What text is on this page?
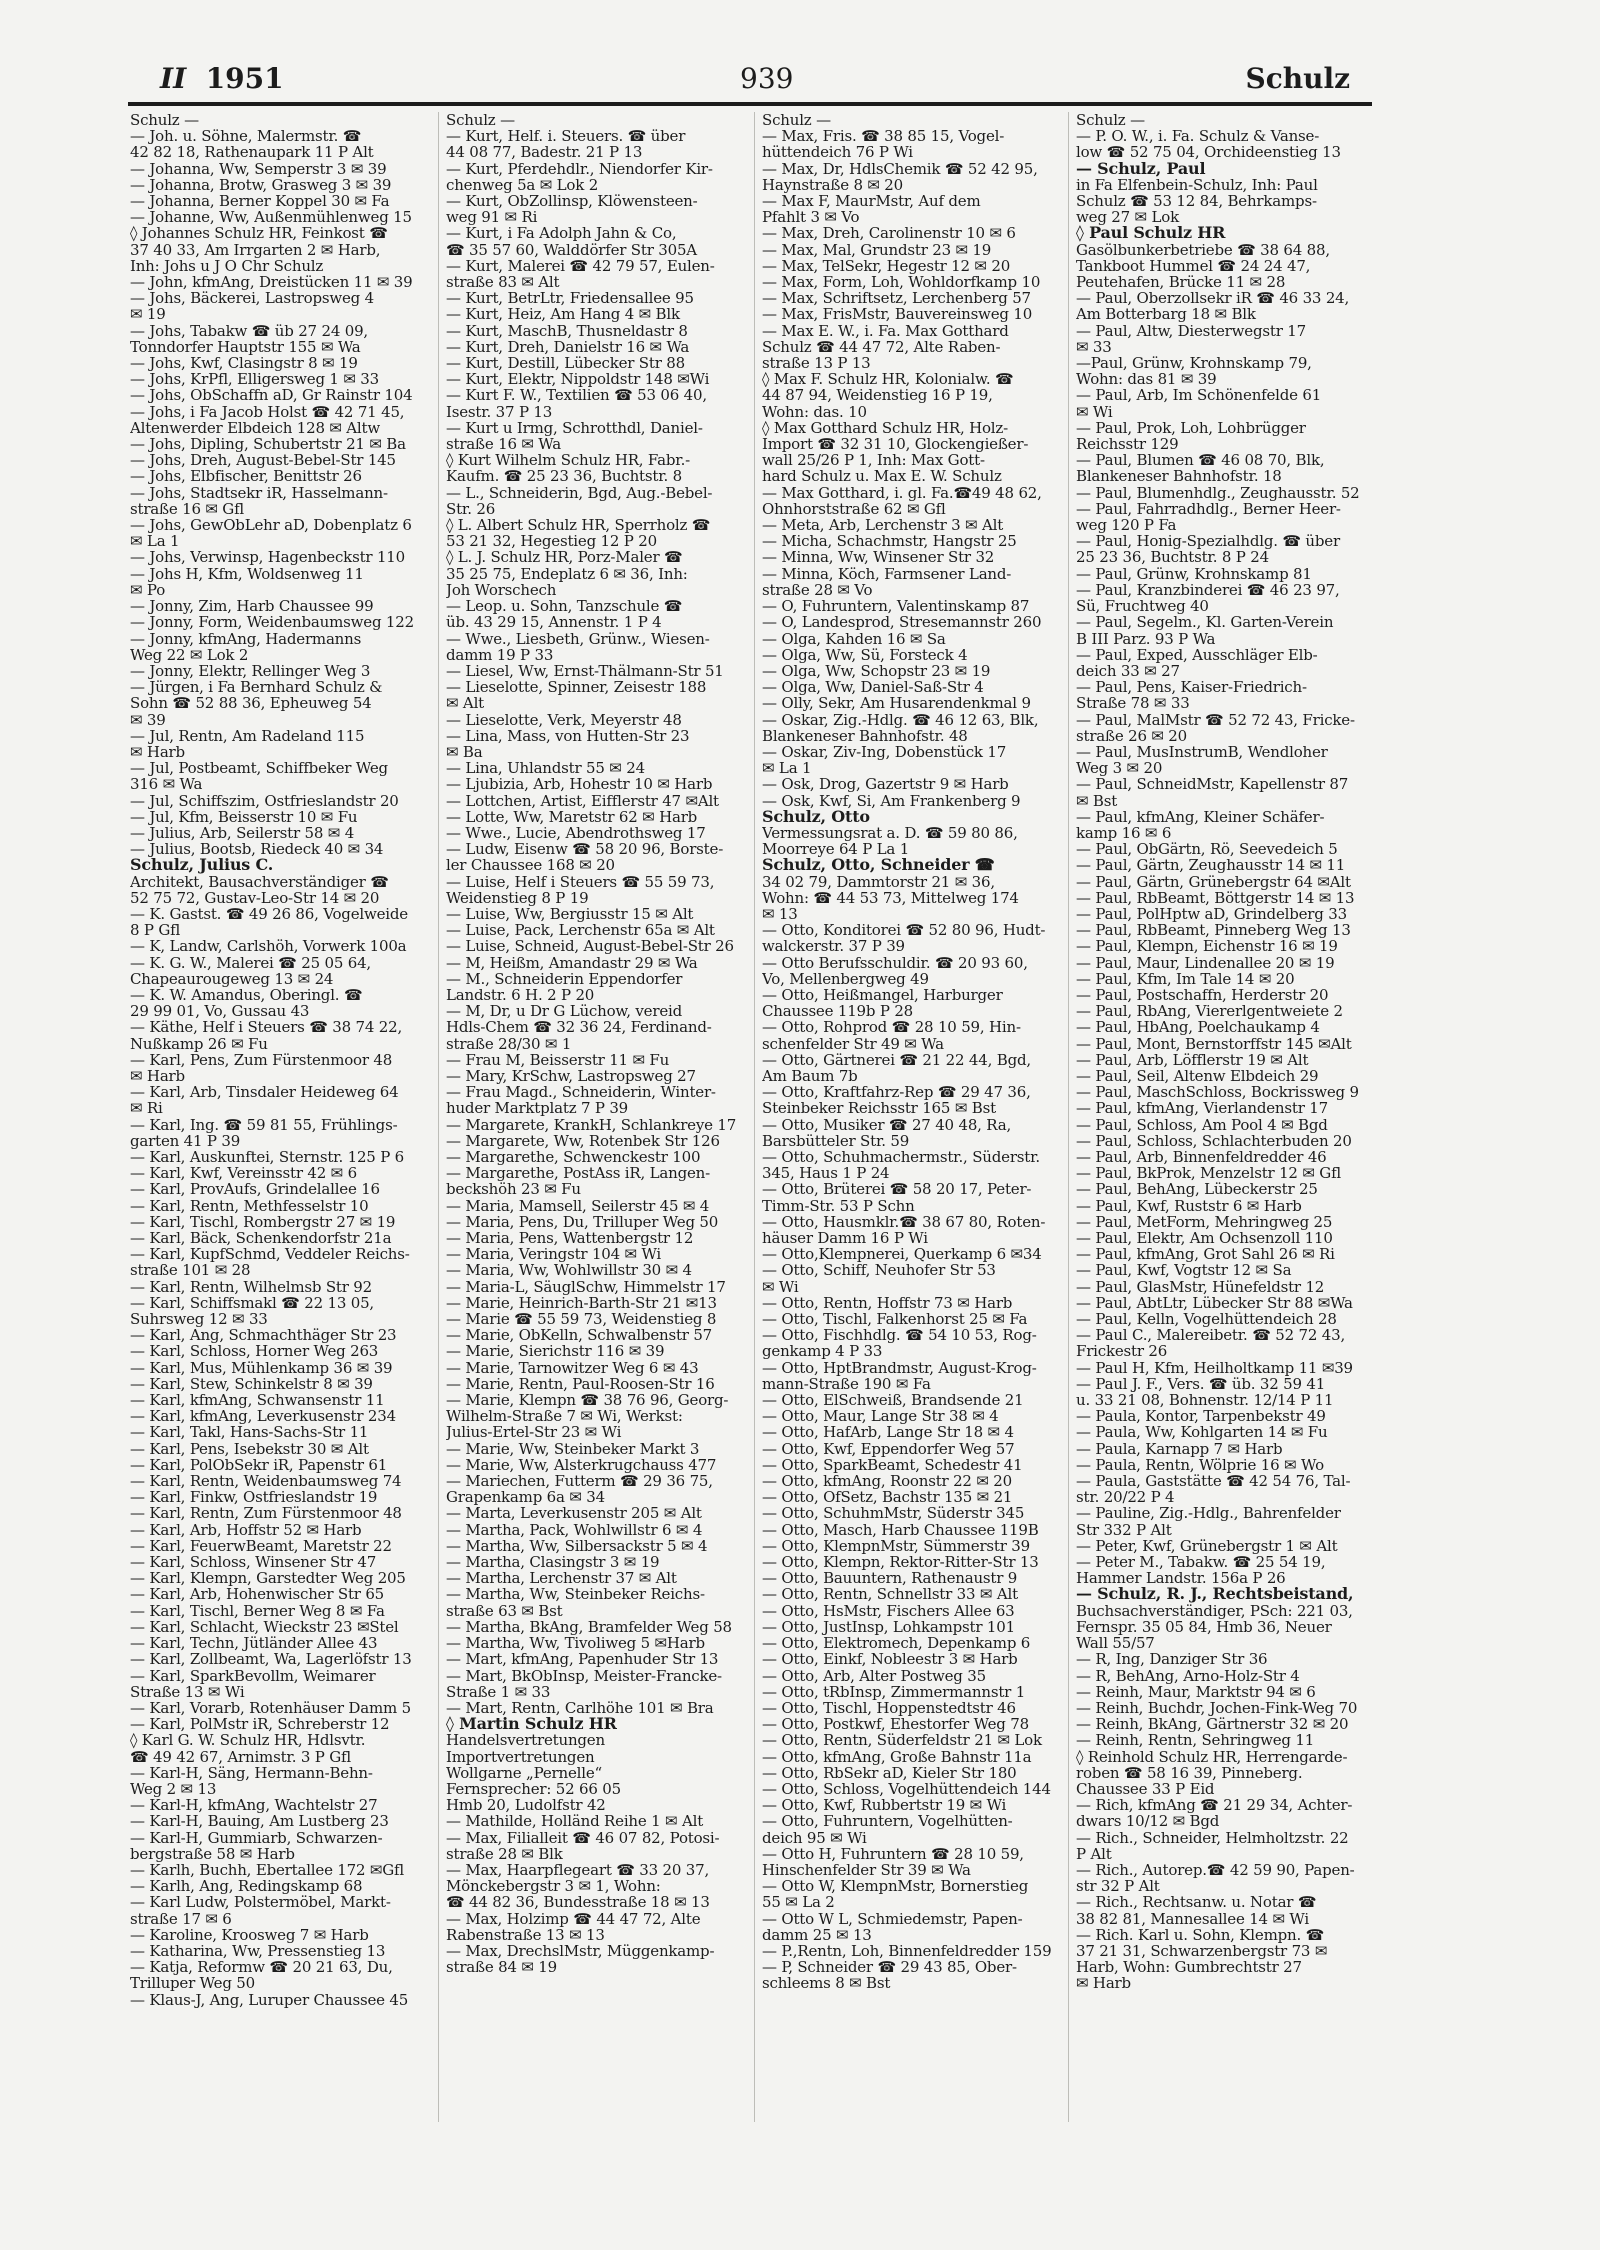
II 1951	939	Schulz
Schulz —
— Joh. u. Söhne, Malermstr. ☎
42 82 18, Rathenaupark 11 P Alt
— Johanna, Ww, Semperstr 3 ✉ 39
— Johanna, Brotw, Grasweg 3 ✉ 39
— Johanna, Berner Koppel 30 ✉ Fa
— Johanne, Ww, Außenmühlenweg 15
◊ Johannes Schulz HR, Feinkost ☎
37 40 33, Am Irrgarten 2 ✉ Harb,
Inh: Johs u J O Chr Schulz
— John, kfmAng, Dreistücken 11 ✉ 39
— Johs, Bäckerei, Lastropsweg 4
✉ 19
— Johs, Tabakw ☎ üb 27 24 09,
Tonndorfer Hauptstr 155 ✉ Wa
— Johs, Kwf, Clasingstr 8 ✉ 19
— Johs, KrPfl, Elligersweg 1 ✉ 33
— Johs, ObSchaffn aD, Gr Rainstr 104
— Johs, i Fa Jacob Holst ☎ 42 71 45,
Altenwerder Elbdeich 128 ✉ Altw
— Johs, Dipling, Schubertstr 21 ✉ Ba
— Johs, Dreh, August-Bebel-Str 145
— Johs, Elbfischer, Benittstr 26
— Johs, Stadtsekr iR, Hasselmann-
straße 16 ✉ Gfl
— Johs, GewObLehr aD, Dobenplatz 6
✉ La 1
— Johs, Verwinsp, Hagenbeckstr 110
— Johs H, Kfm, Woldsenweg 11
✉ Po
— Jonny, Zim, Harb Chaussee 99
— Jonny, Form, Weidenbaumsweg 122
— Jonny, kfmAng, Hadermanns
Weg 22 ✉ Lok 2
— Jonny, Elektr, Rellinger Weg 3
— Jürgen, i Fa Bernhard Schulz &
Sohn ☎ 52 88 36, Epheuweg 54
✉ 39
— Jul, Rentn, Am Radeland 115
✉ Harb
— Jul, Postbeamt, Schiffbeker Weg
316 ✉ Wa
— Jul, Schiffszim, Ostfrieslandstr 20
— Jul, Kfm, Beisserstr 10 ✉ Fu
— Julius, Arb, Seilerstr 58 ✉ 4
— Julius, Bootsb, Riedeck 40 ✉ 34
Schulz, Julius C.
Architekt, Bausachverständiger ☎
52 75 72, Gustav-Leo-Str 14 ✉ 20
— K. Gastst. ☎ 49 26 86, Vogelweide
8 P Gfl
— K, Landw, Carlshöh, Vorwerk 100a
— K. G. W., Malerei ☎ 25 05 64,
Chapeaurougeweg 13 ✉ 24
— K. W. Amandus, Oberingl. ☎
29 99 01, Vo, Gussau 43
— Käthe, Helf i Steuers ☎ 38 74 22,
Nußkamp 26 ✉ Fu
— Karl, Pens, Zum Fürstenmoor 48
✉ Harb
— Karl, Arb, Tinsdaler Heideweg 64
✉ Ri
— Karl, Ing. ☎ 59 81 55, Frühlings-
garten 41 P 39
— Karl, Auskunftei, Sternstr. 125 P 6
— Karl, Kwf, Vereinsstr 42 ✉ 6
— Karl, ProvAufs, Grindelallee 16
— Karl, Rentn, Methfesselstr 10
— Karl, Tischl, Rombergstr 27 ✉ 19
— Karl, Bäck, Schenkendorfstr 21a
— Karl, KupfSchmd, Veddeler Reichs-
straße 101 ✉ 28
— Karl, Rentn, Wilhelmsb Str 92
— Karl, Schiffsmakl ☎ 22 13 05,
Suhrsweg 12 ✉ 33
— Karl, Ang, Schmachthäger Str 23
— Karl, Schloss, Horner Weg 263
— Karl, Mus, Mühlenkamp 36 ✉ 39
— Karl, Stew, Schinkelstr 8 ✉ 39
— Karl, kfmAng, Schwansenstr 11
— Karl, kfmAng, Leverkusenstr 234
— Karl, Takl, Hans-Sachs-Str 11
— Karl, Pens, Isebekstr 30 ✉ Alt
— Karl, PolObSekr iR, Papenstr 61
— Karl, Rentn, Weidenbaumsweg 74
— Karl, Finkw, Ostfrieslandstr 19
— Karl, Rentn, Zum Fürstenmoor 48
— Karl, Arb, Hoffstr 52 ✉ Harb
— Karl, FeuerwBeamt, Maretstr 22
— Karl, Schloss, Winsener Str 47
— Karl, Klempn, Garstedter Weg 205
— Karl, Arb, Hohenwischer Str 65
— Karl, Tischl, Berner Weg 8 ✉ Fa
— Karl, Schlacht, Wieckstr 23 ✉Stel
— Karl, Techn, Jütländer Allee 43
— Karl, Zollbeamt, Wa, Lagerlöfstr 13
— Karl, SparkBevollm, Weimarer
Straße 13 ✉ Wi
— Karl, Vorarb, Rotenhäuser Damm 5
— Karl, PolMstr iR, Schreberstr 12
◊ Karl G. W. Schulz HR, Hdlsvtr.
☎ 49 42 67, Arnimstr. 3 P Gfl
— Karl-H, Säng, Hermann-Behn-
Weg 2 ✉ 13
— Karl-H, kfmAng, Wachtelstr 27
— Karl-H, Bauing, Am Lustberg 23
— Karl-H, Gummiarb, Schwarzen-
bergstraße 58 ✉ Harb
— Karlh, Buchh, Ebertallee 172 ✉Gfl
— Karlh, Ang, Redingskamp 68
— Karl Ludw, Polstermöbel, Markt-
straße 17 ✉ 6
— Karoline, Kroosweg 7 ✉ Harb
— Katharina, Ww, Pressenstieg 13
— Katja, Reformw ☎ 20 21 63, Du,
Trilluper Weg 50
— Klaus-J, Ang, Luruper Chaussee 45
Schulz —
— Kurt, Helf. i. Steuers. ☎ über
44 08 77, Badestr. 21 P 13
— Kurt, Pferdehdlr., Niendorfer Kir-
chenweg 5a ✉ Lok 2
— Kurt, ObZollinsp, Klöwensteen-
weg 91 ✉ Ri
— Kurt, i Fa Adolph Jahn & Co,
☎ 35 57 60, Walddörfer Str 305A
— Kurt, Malerei ☎ 42 79 57, Eulen-
straße 83 ✉ Alt
— Kurt, BetrLtr, Friedensallee 95
— Kurt, Heiz, Am Hang 4 ✉ Blk
— Kurt, MaschB, Thusneldastr 8
— Kurt, Dreh, Danielstr 16 ✉ Wa
— Kurt, Destill, Lübecker Str 88
— Kurt, Elektr, Nippoldstr 148 ✉Wi
— Kurt F. W., Textilien ☎ 53 06 40,
Isestr. 37 P 13
— Kurt u Irmg, Schrotthdl, Daniel-
straße 16 ✉ Wa
◊ Kurt Wilhelm Schulz HR, Fabr.-
Kaufm. ☎ 25 23 36, Buchtstr. 8
— L., Schneiderin, Bgd, Aug.-Bebel-
Str. 26
◊ L. Albert Schulz HR, Sperrholz ☎
53 21 32, Hegestieg 12 P 20
◊ L. J. Schulz HR, Porz-Maler ☎
35 25 75, Endeplatz 6 ✉ 36, Inh:
Joh Worschech
— Leop. u. Sohn, Tanzschule ☎
üb. 43 29 15, Annenstr. 1 P 4
— Wwe., Liesbeth, Grünw., Wiesen-
damm 19 P 33
— Liesel, Ww, Ernst-Thälmann-Str 51
— Lieselotte, Spinner, Zeisestr 188
✉ Alt
— Lieselotte, Verk, Meyerstr 48
— Lina, Mass, von Hutten-Str 23
✉ Ba
— Lina, Uhlandstr 55 ✉ 24
— Ljubizia, Arb, Hohestr 10 ✉ Harb
— Lottchen, Artist, Eifflerstr 47 ✉Alt
— Lotte, Ww, Maretstr 62 ✉ Harb
— Wwe., Lucie, Abendrothsweg 17
— Ludw, Eisenw ☎ 58 20 96, Borste-
ler Chaussee 168 ✉ 20
— Luise, Helf i Steuers ☎ 55 59 73,
Weidenstieg 8 P 19
— Luise, Ww, Bergiusstr 15 ✉ Alt
— Luise, Pack, Lerchenstr 65a ✉ Alt
— Luise, Schneid, August-Bebel-Str 26
— M, Heißm, Amandastr 29 ✉ Wa
— M., Schneiderin Eppendorfer
Landstr. 6 H. 2 P 20
— M, Dr, u Dr G Lüchow, vereid
Hdls-Chem ☎ 32 36 24, Ferdinand-
straße 28/30 ✉ 1
— Frau M, Beisserstr 11 ✉ Fu
— Mary, KrSchw, Lastropsweg 27
— Frau Magd., Schneiderin, Winter-
huder Marktplatz 7 P 39
— Margarete, KrankH, Schlankreye 17
— Margarete, Ww, Rotenbek Str 126
— Margarethe, Schwenckestr 100
— Margarethe, PostAss iR, Langen-
beckshöh 23 ✉ Fu
— Maria, Mamsell, Seilerstr 45 ✉ 4
— Maria, Pens, Du, Trilluper Weg 50
— Maria, Pens, Wattenbergstr 12
— Maria, Veringstr 104 ✉ Wi
— Maria, Ww, Wohlwillstr 30 ✉ 4
— Maria-L, SäuglSchw, Himmelstr 17
— Marie, Heinrich-Barth-Str 21 ✉13
— Marie ☎ 55 59 73, Weidenstieg 8
— Marie, ObKelln, Schwalbenstr 57
— Marie, Sierichstr 116 ✉ 39
— Marie, Tarnowitzer Weg 6 ✉ 43
— Marie, Rentn, Paul-Roosen-Str 16
— Marie, Klempn ☎ 38 76 96, Georg-
Wilhelm-Straße 7 ✉ Wi, Werkst:
Julius-Ertel-Str 23 ✉ Wi
— Marie, Ww, Steinbeker Markt 3
— Marie, Ww, Alsterkrugchauss 477
— Mariechen, Futterm ☎ 29 36 75,
Grapenkamp 6a ✉ 34
— Marta, Leverkusenstr 205 ✉ Alt
— Martha, Pack, Wohlwillstr 6 ✉ 4
— Martha, Ww, Silbersackstr 5 ✉ 4
— Martha, Clasingstr 3 ✉ 19
— Martha, Lerchenstr 37 ✉ Alt
— Martha, Ww, Steinbeker Reichs-
straße 63 ✉ Bst
— Martha, BkAng, Bramfelder Weg 58
— Martha, Ww, Tivoliweg 5 ✉Harb
— Mart, kfmAng, Papenhuder Str 13
— Mart, BkObInsp, Meister-Francke-
Straße 1 ✉ 33
— Mart, Rentn, Carlhöhe 101 ✉ Bra
◊ Martin Schulz HR
Handelsvertretungen
Importvertretungen
Wollgarne „Pernelle“
Fernsprecher: 52 66 05
Hmb 20, Ludolfstr 42
— Mathilde, Holländ Reihe 1 ✉ Alt
— Max, Filialleit ☎ 46 07 82, Potosi-
straße 28 ✉ Blk
— Max, Haarpflegeart ☎ 33 20 37,
Mönckebergstr 3 ✉ 1, Wohn:
☎ 44 82 36, Bundesstraße 18 ✉ 13
— Max, Holzimp ☎ 44 47 72, Alte
Rabenstraße 13 ✉ 13
— Max, DrechslMstr, Müggenkamp-
straße 84 ✉ 19
Schulz —
— Max, Fris. ☎ 38 85 15, Vogel-
hüttendeich 76 P Wi
— Max, Dr, HdlsChemik ☎ 52 42 95,
Haynstraße 8 ✉ 20
— Max F, MaurMstr, Auf dem
Pfahlt 3 ✉ Vo
— Max, Dreh, Carolinenstr 10 ✉ 6
— Max, Mal, Grundstr 23 ✉ 19
— Max, TelSekr, Hegestr 12 ✉ 20
— Max, Form, Loh, Wohldorfkamp 10
— Max, Schriftsetz, Lerchenberg 57
— Max, FrisMstr, Bauvereinsweg 10
— Max E. W., i. Fa. Max Gotthard
Schulz ☎ 44 47 72, Alte Raben-
straße 13 P 13
◊ Max F. Schulz HR, Kolonialw. ☎
44 87 94, Weidenstieg 16 P 19,
Wohn: das. 10
◊ Max Gotthard Schulz HR, Holz-
Import ☎ 32 31 10, Glockengießer-
wall 25/26 P 1, Inh: Max Gott-
hard Schulz u. Max E. W. Schulz
— Max Gotthard, i. gl. Fa.☎49 48 62,
Ohnhorststraße 62 ✉ Gfl
— Meta, Arb, Lerchenstr 3 ✉ Alt
— Micha, Schachmstr, Hangstr 25
— Minna, Ww, Winsener Str 32
— Minna, Köch, Farmsener Land-
straße 28 ✉ Vo
— O, Fuhruntern, Valentinskamp 87
— O, Landesprod, Stresemannstr 260
— Olga, Kahden 16 ✉ Sa
— Olga, Ww, Sü, Forsteck 4
— Olga, Ww, Schopstr 23 ✉ 19
— Olga, Ww, Daniel-Saß-Str 4
— Olly, Sekr, Am Husarendenkmal 9
— Oskar, Zig.-Hdlg. ☎ 46 12 63, Blk,
Blankeneser Bahnhofstr. 48
— Oskar, Ziv-Ing, Dobenstück 17
✉ La 1
— Osk, Drog, Gazertstr 9 ✉ Harb
— Osk, Kwf, Si, Am Frankenberg 9
Schulz, Otto
Vermessungsrat a. D. ☎ 59 80 86,
Moorreye 64 P La 1
Schulz, Otto, Schneider ☎
34 02 79, Dammtorstr 21 ✉ 36,
Wohn: ☎ 44 53 73, Mittelweg 174
✉ 13
— Otto, Konditorei ☎ 52 80 96, Hudt-
walckerstr. 37 P 39
— Otto Berufsschuldir. ☎ 20 93 60,
Vo, Mellenbergweg 49
— Otto, Heißmangel, Harburger
Chaussee 119b P 28
— Otto, Rohprod ☎ 28 10 59, Hin-
schenfelder Str 49 ✉ Wa
— Otto, Gärtnerei ☎ 21 22 44, Bgd,
Am Baum 7b
— Otto, Kraftfahrz-Rep ☎ 29 47 36,
Steinbeker Reichsstr 165 ✉ Bst
— Otto, Musiker ☎ 27 40 48, Ra,
Barsbütteler Str. 59
— Otto, Schuhmachermstr., Süderstr.
345, Haus 1 P 24
— Otto, Brüterei ☎ 58 20 17, Peter-
Timm-Str. 53 P Schn
— Otto, Hausmklr.☎ 38 67 80, Roten-
häuser Damm 16 P Wi
— Otto,Klempnerei, Querkamp 6 ✉34
— Otto, Schiff, Neuhofer Str 53
✉ Wi
— Otto, Rentn, Hoffstr 73 ✉ Harb
— Otto, Tischl, Falkenhorst 25 ✉ Fa
— Otto, Fischhdlg. ☎ 54 10 53, Rog-
genkamp 4 P 33
— Otto, HptBrandmstr, August-Krog-
mann-Straße 190 ✉ Fa
— Otto, ElSchweiß, Brandsende 21
— Otto, Maur, Lange Str 38 ✉ 4
— Otto, HafArb, Lange Str 18 ✉ 4
— Otto, Kwf, Eppendorfer Weg 57
— Otto, SparkBeamt, Schedestr 41
— Otto, kfmAng, Roonstr 22 ✉ 20
— Otto, OfSetz, Bachstr 135 ✉ 21
— Otto, SchuhmMstr, Süderstr 345
— Otto, Masch, Harb Chaussee 119B
— Otto, KlempnMstr, Sümmerstr 39
— Otto, Klempn, Rektor-Ritter-Str 13
— Otto, Bauuntern, Rathenaustr 9
— Otto, Rentn, Schnellstr 33 ✉ Alt
— Otto, HsMstr, Fischers Allee 63
— Otto, JustInsp, Lohkampstr 101
— Otto, Elektromech, Depenkamp 6
— Otto, Einkf, Nobleestr 3 ✉ Harb
— Otto, Arb, Alter Postweg 35
— Otto, tRbInsp, Zimmermannstr 1
— Otto, Tischl, Hoppenstedtstr 46
— Otto, Postkwf, Ehestorfer Weg 78
— Otto, Rentn, Süderfeldstr 21 ✉ Lok
— Otto, kfmAng, Große Bahnstr 11a
— Otto, RbSekr aD, Kieler Str 180
— Otto, Schloss, Vogelhüttendeich 144
— Otto, Kwf, Rubbertstr 19 ✉ Wi
— Otto, Fuhruntern, Vogelhütten-
deich 95 ✉ Wi
— Otto H, Fuhruntern ☎ 28 10 59,
Hinschenfelder Str 39 ✉ Wa
— Otto W, KlempnMstr, Bornerstieg
55 ✉ La 2
— Otto W L, Schmiedemstr, Papen-
damm 25 ✉ 13
— P.,Rentn, Loh, Binnenfeldredder 159
— P, Schneider ☎ 29 43 85, Ober-
schleems 8 ✉ Bst
Schulz —
— P. O. W., i. Fa. Schulz & Vanse-
low ☎ 52 75 04, Orchideenstieg 13
— Schulz, Paul
in Fa Elfenbein-Schulz, Inh: Paul
Schulz ☎ 53 12 84, Behrkamps-
weg 27 ✉ Lok
◊ Paul Schulz HR
Gasölbunkerbetriebe ☎ 38 64 88,
Tankboot Hummel ☎ 24 24 47,
Peutehafen, Brücke 11 ✉ 28
— Paul, Oberzollsekr iR ☎ 46 33 24,
Am Botterbarg 18 ✉ Blk
— Paul, Altw, Diesterwegstr 17
✉ 33
—Paul, Grünw, Krohnskamp 79,
Wohn: das 81 ✉ 39
— Paul, Arb, Im Schönenfelde 61
✉ Wi
— Paul, Prok, Loh, Lohbrügger
Reichsstr 129
— Paul, Blumen ☎ 46 08 70, Blk,
Blankeneser Bahnhofstr. 18
— Paul, Blumenhdlg., Zeughausstr. 52
— Paul, Fahrradhdlg., Berner Heer-
weg 120 P Fa
— Paul, Honig-Spezialhdlg. ☎ über
25 23 36, Buchtstr. 8 P 24
— Paul, Grünw, Krohnskamp 81
— Paul, Kranzbinderei ☎ 46 23 97,
Sü, Fruchtweg 40
— Paul, Segelm., Kl. Garten-Verein
B III Parz. 93 P Wa
— Paul, Exped, Ausschläger Elb-
deich 33 ✉ 27
— Paul, Pens, Kaiser-Friedrich-
Straße 78 ✉ 33
— Paul, MalMstr ☎ 52 72 43, Fricke-
straße 26 ✉ 20
— Paul, MusInstrumB, Wendloher
Weg 3 ✉ 20
— Paul, SchneidMstr, Kapellenstr 87
✉ Bst
— Paul, kfmAng, Kleiner Schäfer-
kamp 16 ✉ 6
— Paul, ObGärtn, Rö, Seevedeich 5
— Paul, Gärtn, Zeughausstr 14 ✉ 11
— Paul, Gärtn, Grünebergstr 64 ✉Alt
— Paul, RbBeamt, Böttgerstr 14 ✉ 13
— Paul, PolHptw aD, Grindelberg 33
— Paul, RbBeamt, Pinneberg Weg 13
— Paul, Klempn, Eichenstr 16 ✉ 19
— Paul, Maur, Lindenallee 20 ✉ 19
— Paul, Kfm, Im Tale 14 ✉ 20
— Paul, Postschaffn, Herderstr 20
— Paul, RbAng, Viererlgentweiete 2
— Paul, HbAng, Poelchaukamp 4
— Paul, Mont, Bernstorffstr 145 ✉Alt
— Paul, Arb, Löfflerstr 19 ✉ Alt
— Paul, Seil, Altenw Elbdeich 29
— Paul, MaschSchloss, Bockrissweg 9
— Paul, kfmAng, Vierlandenstr 17
— Paul, Schloss, Am Pool 4 ✉ Bgd
— Paul, Schloss, Schlachterbuden 20
— Paul, Arb, Binnenfeldredder 46
— Paul, BkProk, Menzelstr 12 ✉ Gfl
— Paul, BehAng, Lübeckerstr 25
— Paul, Kwf, Ruststr 6 ✉ Harb
— Paul, MetForm, Mehringweg 25
— Paul, Elektr, Am Ochsenzoll 110
— Paul, kfmAng, Grot Sahl 26 ✉ Ri
— Paul, Kwf, Vogtstr 12 ✉ Sa
— Paul, GlasMstr, Hünefeldstr 12
— Paul, AbtLtr, Lübecker Str 88 ✉Wa
— Paul, Kelln, Vogelhüttendeich 28
— Paul C., Malereibetr. ☎ 52 72 43,
Frickestr 26
— Paul H, Kfm, Heilholtkamp 11 ✉39
— Paul J. F., Vers. ☎ üb. 32 59 41
u. 33 21 08, Bohnenstr. 12/14 P 11
— Paula, Kontor, Tarpenbekstr 49
— Paula, Ww, Kohlgarten 14 ✉ Fu
— Paula, Karnapp 7 ✉ Harb
— Paula, Rentn, Wölprie 16 ✉ Wo
— Paula, Gaststätte ☎ 42 54 76, Tal-
str. 20/22 P 4
— Pauline, Zig.-Hdlg., Bahrenfelder
Str 332 P Alt
— Peter, Kwf, Grünebergstr 1 ✉ Alt
— Peter M., Tabakw. ☎ 25 54 19,
Hammer Landstr. 156a P 26
— Schulz, R. J., Rechtsbeistand,
Buchsachverständiger, PSch: 221 03,
Fernspr. 35 05 84, Hmb 36, Neuer
Wall 55/57
— R, Ing, Danziger Str 36
— R, BehAng, Arno-Holz-Str 4
— Reinh, Maur, Marktstr 94 ✉ 6
— Reinh, Buchdr, Jochen-Fink-Weg 70
— Reinh, BkAng, Gärtnerstr 32 ✉ 20
— Reinh, Rentn, Sehringweg 11
◊ Reinhold Schulz HR, Herrengarde-
roben ☎ 58 16 39, Pinneberg.
Chaussee 33 P Eid
— Rich, kfmAng ☎ 21 29 34, Achter-
dwars 10/12 ✉ Bgd
— Rich., Schneider, Helmholtzstr. 22
P Alt
— Rich., Autorep.☎ 42 59 90, Papen-
str 32 P Alt
— Rich., Rechtsanw. u. Notar ☎
38 82 81, Mannesallee 14 ✉ Wi
— Rich. Karl u. Sohn, Klempn. ☎
37 21 31, Schwarzenbergstr 73 ✉
Harb, Wohn: Gumbrechtstr 27
✉ Harb
